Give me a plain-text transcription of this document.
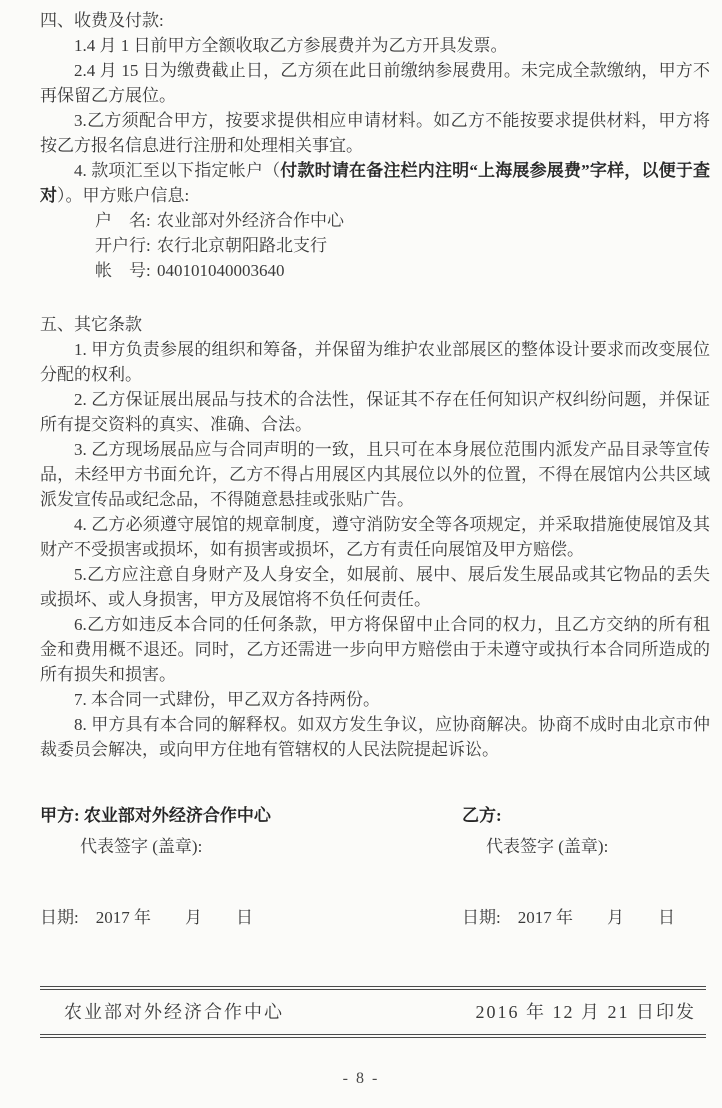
四、收费及付款:

1.4 月 1 日前甲方全额收取乙方参展费并为乙方开具发票。

2.4 月 15 日为缴费截止日，乙方须在此日前缴纳参展费用。未完成全款缴纳，甲方不再保留乙方展位。

3.乙方须配合甲方，按要求提供相应申请材料。如乙方不能按要求提供材料，甲方将按乙方报名信息进行注册和处理相关事宜。

4. 款项汇至以下指定帐户（付款时请在备注栏内注明“上海展参展费”字样，以便于查对）。甲方账户信息:

户　名: 农业部对外经济合作中心

开户行: 农行北京朝阳路北支行

帐　号: 040101040003640

五、其它条款

1. 甲方负责参展的组织和筹备，并保留为维护农业部展区的整体设计要求而改变展位分配的权利。

2. 乙方保证展出展品与技术的合法性，保证其不存在任何知识产权纠纷问题，并保证所有提交资料的真实、准确、合法。

3. 乙方现场展品应与合同声明的一致，且只可在本身展位范围内派发产品目录等宣传品，未经甲方书面允许，乙方不得占用展区内其展位以外的位置，不得在展馆内公共区域派发宣传品或纪念品，不得随意悬挂或张贴广告。

4. 乙方必须遵守展馆的规章制度，遵守消防安全等各项规定，并采取措施使展馆及其财产不受损害或损坏，如有损害或损坏，乙方有责任向展馆及甲方赔偿。

5.乙方应注意自身财产及人身安全，如展前、展中、展后发生展品或其它物品的丢失或损坏、或人身损害，甲方及展馆将不负任何责任。

6.乙方如违反本合同的任何条款，甲方将保留中止合同的权力，且乙方交纳的所有租金和费用概不退还。同时，乙方还需进一步向甲方赔偿由于未遵守或执行本合同所造成的所有损失和损害。

7. 本合同一式肆份，甲乙双方各持两份。

8. 甲方具有本合同的解释权。如双方发生争议，应协商解决。协商不成时由北京市仲裁委员会解决，或向甲方住地有管辖权的人民法院提起诉讼。

甲方: 农业部对外经济合作中心

代表签字 (盖章):

日期:　2017 年　　月　　日

乙方:

代表签字 (盖章):

日期:　2017 年　　月　　日

农业部对外经济合作中心	2016 年 12 月 21 日印发
- 8 -
